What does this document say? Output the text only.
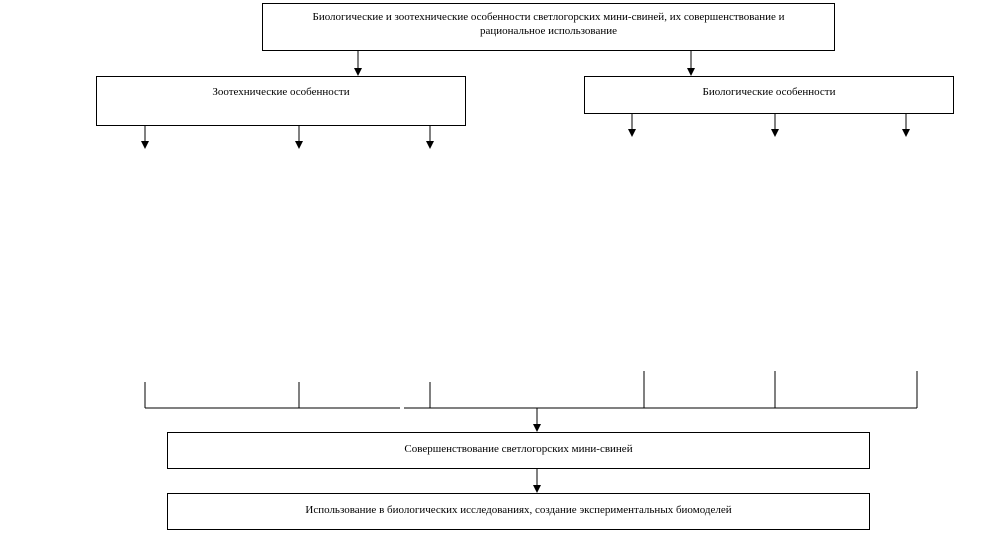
Биологические и зоотехнические особенности светлогорских мини-свиней, их совершенствование и рациональное использование
Зоотехнические особенности	Биологические особенности
Совершенствование светлогорских мини-свиней
Использование в биологических исследованиях, создание экспериментальных биомоделей
